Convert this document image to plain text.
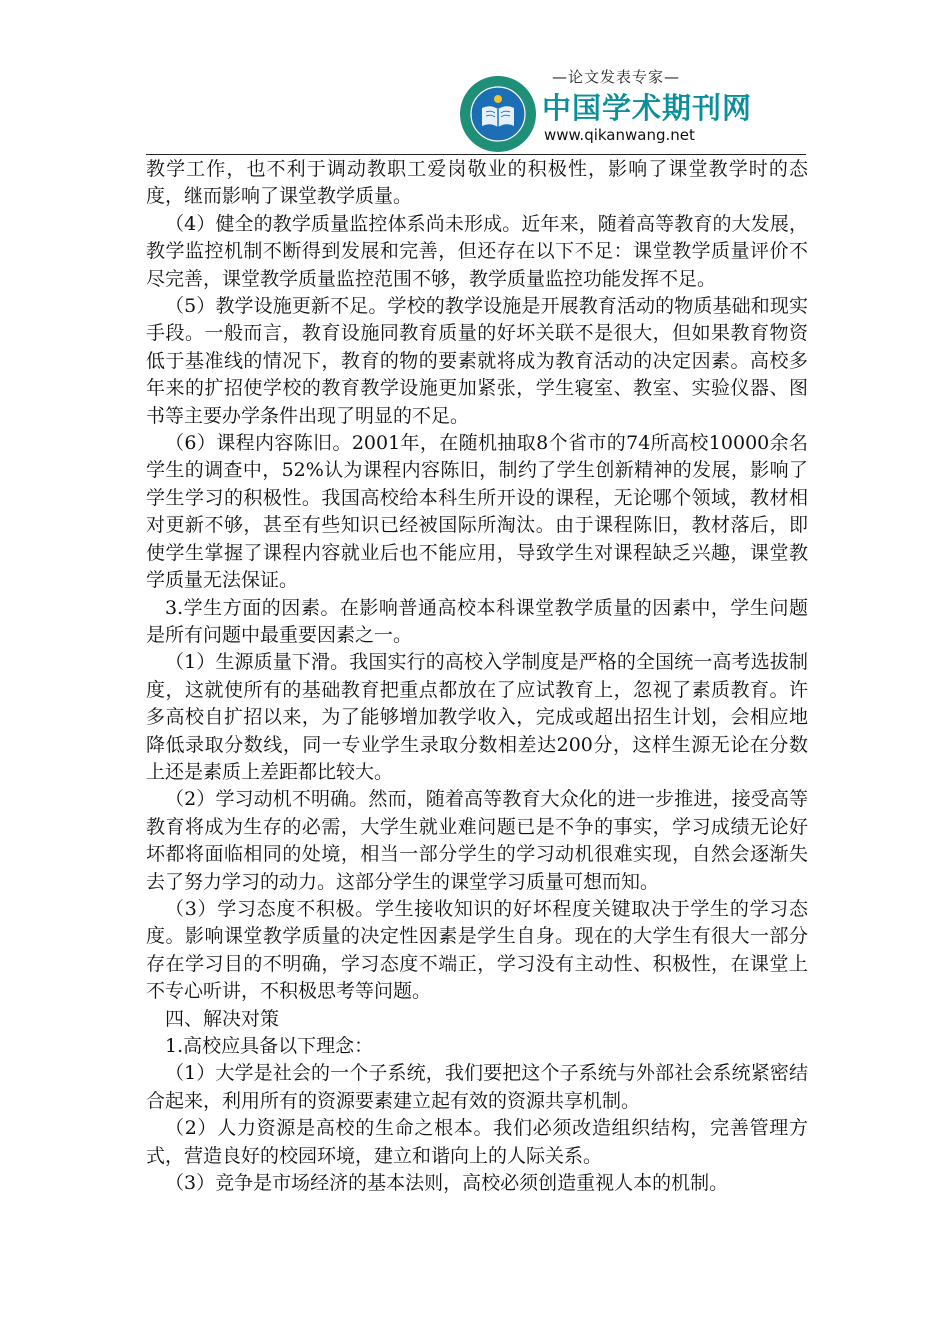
—论文发表专家—
中国学术期刊网
www.qikanwang.net

教学工作，也不利于调动教职工爱岗敬业的积极性，影响了课堂教学时的态度，继而影响了课堂教学质量。

（4）健全的教学质量监控体系尚未形成。近年来，随着高等教育的大发展，教学监控机制不断得到发展和完善，但还存在以下不足：课堂教学质量评价不尽完善，课堂教学质量监控范围不够，教学质量监控功能发挥不足。

（5）教学设施更新不足。学校的教学设施是开展教育活动的物质基础和现实手段。一般而言，教育设施同教育质量的好坏关联不是很大，但如果教育物资低于基准线的情况下，教育的物的要素就将成为教育活动的决定因素。高校多年来的扩招使学校的教育教学设施更加紧张，学生寝室、教室、实验仪器、图书等主要办学条件出现了明显的不足。

（6）课程内容陈旧。2001年，在随机抽取8个省市的74所高校10000余名学生的调查中，52%认为课程内容陈旧，制约了学生创新精神的发展，影响了学生学习的积极性。我国高校给本科生所开设的课程，无论哪个领域，教材相对更新不够，甚至有些知识已经被国际所淘汰。由于课程陈旧，教材落后，即使学生掌握了课程内容就业后也不能应用，导致学生对课程缺乏兴趣，课堂教学质量无法保证。

3.学生方面的因素。在影响普通高校本科课堂教学质量的因素中，学生问题是所有问题中最重要因素之一。

（1）生源质量下滑。我国实行的高校入学制度是严格的全国统一高考选拔制度，这就使所有的基础教育把重点都放在了应试教育上，忽视了素质教育。许多高校自扩招以来，为了能够增加教学收入，完成或超出招生计划，会相应地降低录取分数线，同一专业学生录取分数相差达200分，这样生源无论在分数上还是素质上差距都比较大。

（2）学习动机不明确。然而，随着高等教育大众化的进一步推进，接受高等教育将成为生存的必需，大学生就业难问题已是不争的事实，学习成绩无论好坏都将面临相同的处境，相当一部分学生的学习动机很难实现，自然会逐渐失去了努力学习的动力。这部分学生的课堂学习质量可想而知。

（3）学习态度不积极。学生接收知识的好坏程度关键取决于学生的学习态度。影响课堂教学质量的决定性因素是学生自身。现在的大学生有很大一部分存在学习目的不明确，学习态度不端正，学习没有主动性、积极性，在课堂上不专心听讲，不积极思考等问题。

四、解决对策

1.高校应具备以下理念：

（1）大学是社会的一个子系统，我们要把这个子系统与外部社会系统紧密结合起来，利用所有的资源要素建立起有效的资源共享机制。

（2）人力资源是高校的生命之根本。我们必须改造组织结构，完善管理方式，营造良好的校园环境，建立和谐向上的人际关系。

（3）竞争是市场经济的基本法则，高校必须创造重视人本的机制。
